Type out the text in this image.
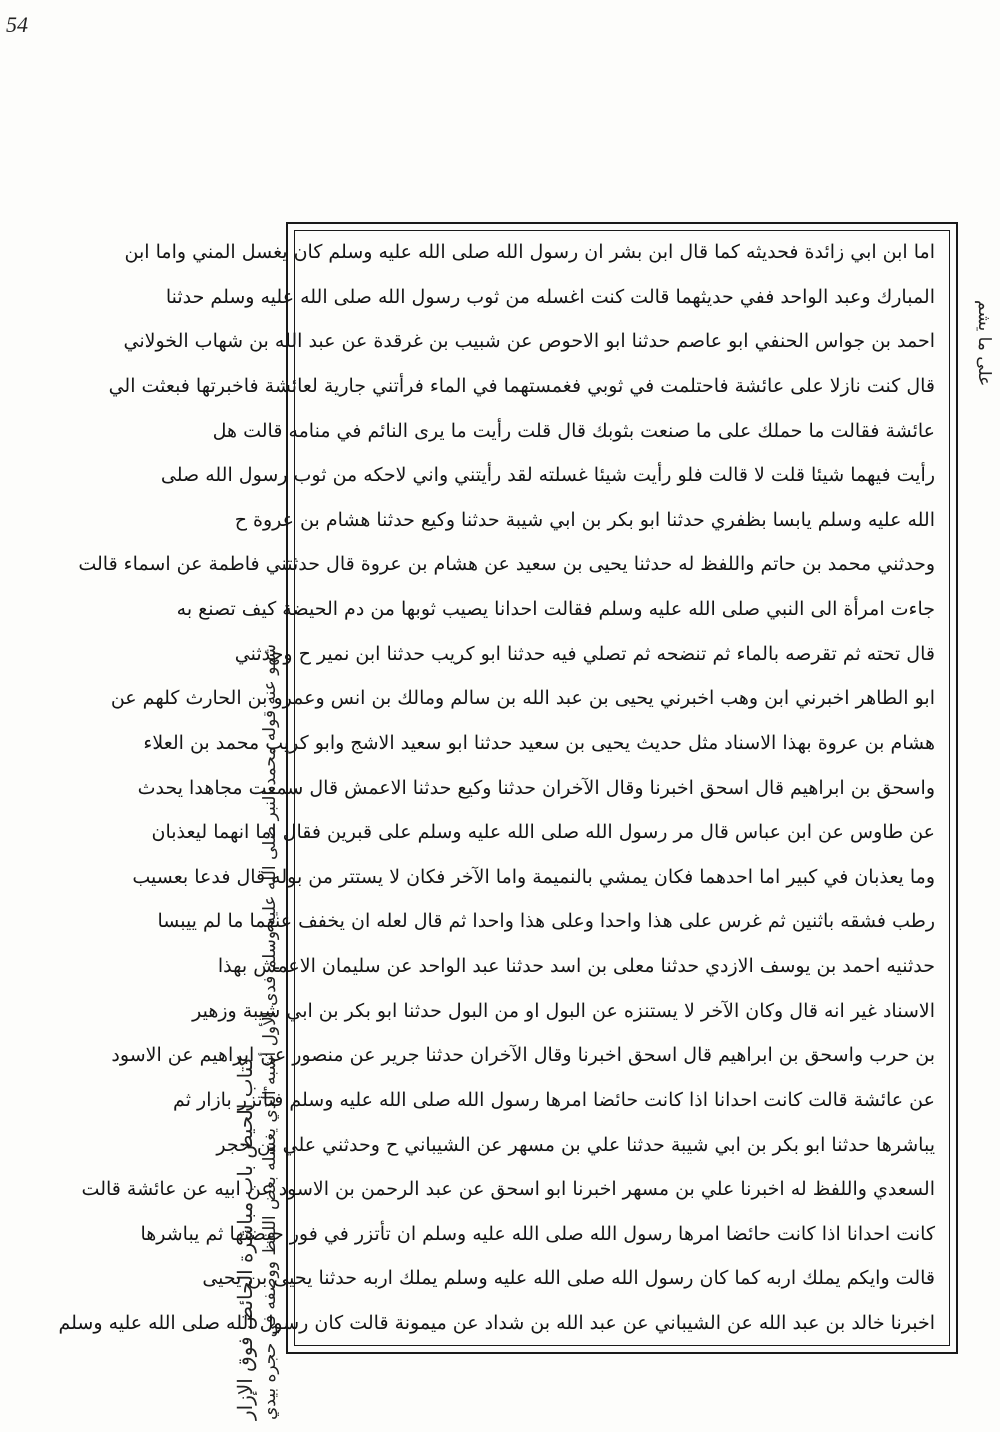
54
علی ما یشم
كتاب الحيض باب مباشرة الحائض فوق الإزار شهو عنه قوله محمد النبر صلى الله عليه وسلم فدى الأول أشبه الذي يغسله بعض اللفظ ووصفه في حجره بيدي
اما ابن ابي زائدة فحديثه كما قال ابن بشر ان رسول الله صلى الله عليه وسلم كان يغسل المني واما ابن
المبارك وعبد الواحد ففي حديثهما قالت كنت اغسله من ثوب رسول الله صلى الله عليه وسلم حدثنا
احمد بن جواس الحنفي ابو عاصم حدثنا ابو الاحوص عن شبيب بن غرقدة عن عبد الله بن شهاب الخولاني
قال كنت نازلا على عائشة فاحتلمت في ثوبي فغمستهما في الماء فرأتني جارية لعائشة فاخبرتها فبعثت الي
عائشة فقالت ما حملك على ما صنعت بثوبك قال قلت رأيت ما يرى النائم في منامه قالت هل
رأيت فيهما شيئا قلت لا قالت فلو رأيت شيئا غسلته لقد رأيتني واني لاحكه من ثوب رسول الله صلى
الله عليه وسلم يابسا بظفري حدثنا ابو بكر بن ابي شيبة حدثنا وكيع حدثنا هشام بن عروة ح
وحدثني محمد بن حاتم واللفظ له حدثنا يحيى بن سعيد عن هشام بن عروة قال حدثتني فاطمة عن اسماء قالت
جاءت امرأة الى النبي صلى الله عليه وسلم فقالت احدانا يصيب ثوبها من دم الحيضة كيف تصنع به
قال تحته ثم تقرصه بالماء ثم تنضحه ثم تصلي فيه حدثنا ابو كريب حدثنا ابن نمير ح وحدثني
ابو الطاهر اخبرني ابن وهب اخبرني يحيى بن عبد الله بن سالم ومالك بن انس وعمرو بن الحارث كلهم عن
هشام بن عروة بهذا الاسناد مثل حديث يحيى بن سعيد حدثنا ابو سعيد الاشج وابو كريب محمد بن العلاء
واسحق بن ابراهيم قال اسحق اخبرنا وقال الآخران حدثنا وكيع حدثنا الاعمش قال سمعت مجاهدا يحدث
عن طاوس عن ابن عباس قال مر رسول الله صلى الله عليه وسلم على قبرين فقال اما انهما ليعذبان
وما يعذبان في كبير اما احدهما فكان يمشي بالنميمة واما الآخر فكان لا يستتر من بوله قال فدعا بعسيب
رطب فشقه باثنين ثم غرس على هذا واحدا وعلى هذا واحدا ثم قال لعله ان يخفف عنهما ما لم ييبسا
حدثنيه احمد بن يوسف الازدي حدثنا معلى بن اسد حدثنا عبد الواحد عن سليمان الاعمش بهذا
الاسناد غير انه قال وكان الآخر لا يستنزه عن البول او من البول حدثنا ابو بكر بن ابي شيبة وزهير
بن حرب واسحق بن ابراهيم قال اسحق اخبرنا وقال الآخران حدثنا جرير عن منصور عن ابراهيم عن الاسود
عن عائشة قالت كانت احدانا اذا كانت حائضا امرها رسول الله صلى الله عليه وسلم فتأتزر بازار ثم
يباشرها حدثنا ابو بكر بن ابي شيبة حدثنا علي بن مسهر عن الشيباني ح وحدثني علي بن حجر
السعدي واللفظ له اخبرنا علي بن مسهر اخبرنا ابو اسحق عن عبد الرحمن بن الاسود عن ابيه عن عائشة قالت
كانت احدانا اذا كانت حائضا امرها رسول الله صلى الله عليه وسلم ان تأتزر في فور حيضتها ثم يباشرها
قالت وايكم يملك اربه كما كان رسول الله صلى الله عليه وسلم يملك اربه حدثنا يحيى بن يحيى
اخبرنا خالد بن عبد الله عن الشيباني عن عبد الله بن شداد عن ميمونة قالت كان رسول الله صلى الله عليه وسلم
